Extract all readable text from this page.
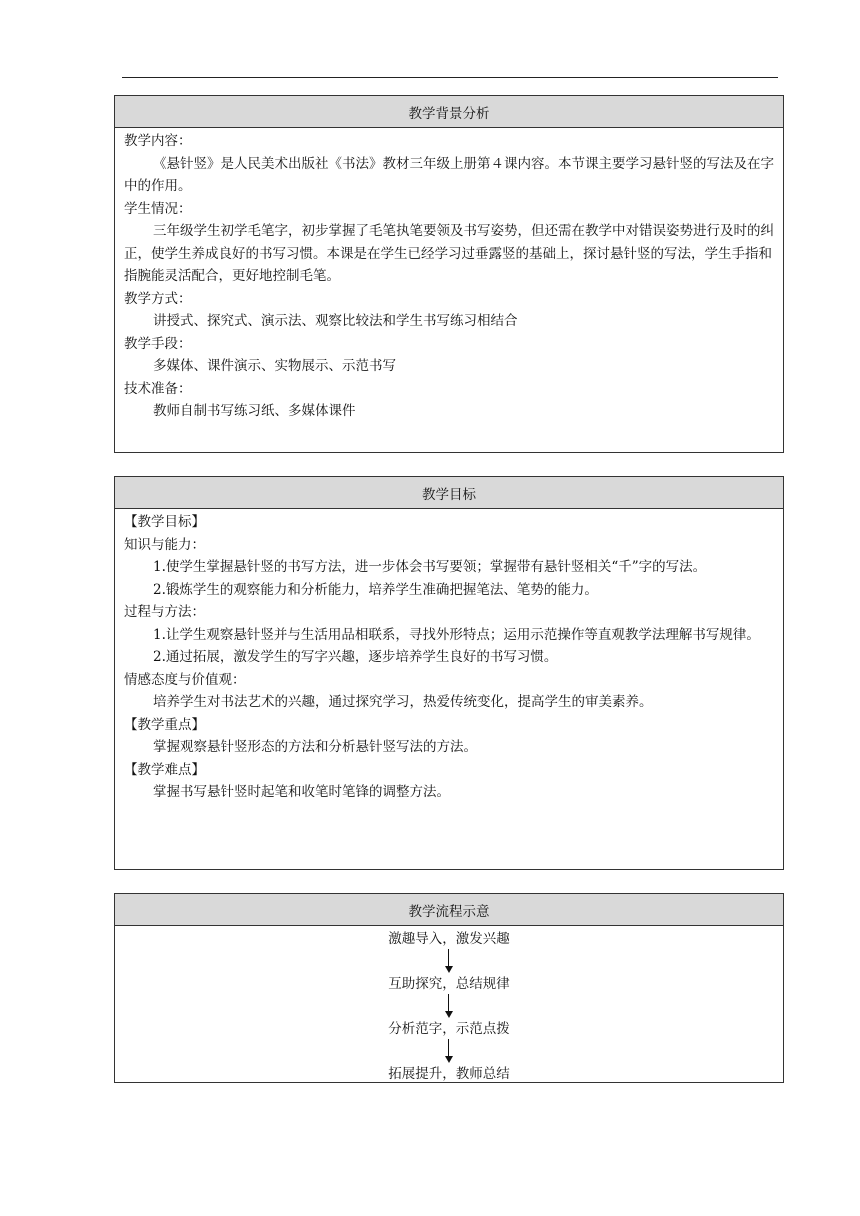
教学背景分析
教学内容：
《悬针竖》是人民美术出版社《书法》教材三年级上册第４课内容。本节课主要学习悬针竖的写法及在字中的作用。
学生情况：
三年级学生初学毛笔字，初步掌握了毛笔执笔要领及书写姿势，但还需在教学中对错误姿势进行及时的纠正，使学生养成良好的书写习惯。本课是在学生已经学习过垂露竖的基础上，探讨悬针竖的写法，学生手指和指腕能灵活配合，更好地控制毛笔。
教学方式：
讲授式、探究式、演示法、观察比较法和学生书写练习相结合
教学手段：
多媒体、课件演示、实物展示、示范书写
技术准备：
教师自制书写练习纸、多媒体课件
教学目标
【教学目标】
知识与能力：
1.使学生掌握悬针竖的书写方法，进一步体会书写要领；掌握带有悬针竖相关“千”字的写法。
2.锻炼学生的观察能力和分析能力，培养学生准确把握笔法、笔势的能力。
过程与方法：
1.让学生观察悬针竖并与生活用品相联系，寻找外形特点；运用示范操作等直观教学法理解书写规律。
2.通过拓展，激发学生的写字兴趣，逐步培养学生良好的书写习惯。
情感态度与价值观：
培养学生对书法艺术的兴趣，通过探究学习，热爱传统变化，提高学生的审美素养。
【教学重点】
掌握观察悬针竖形态的方法和分析悬针竖写法的方法。
【教学难点】
掌握书写悬针竖时起笔和收笔时笔锋的调整方法。
教学流程示意
激趣导入，激发兴趣
互助探究，总结规律
分析范字，示范点拨
拓展提升，教师总结
